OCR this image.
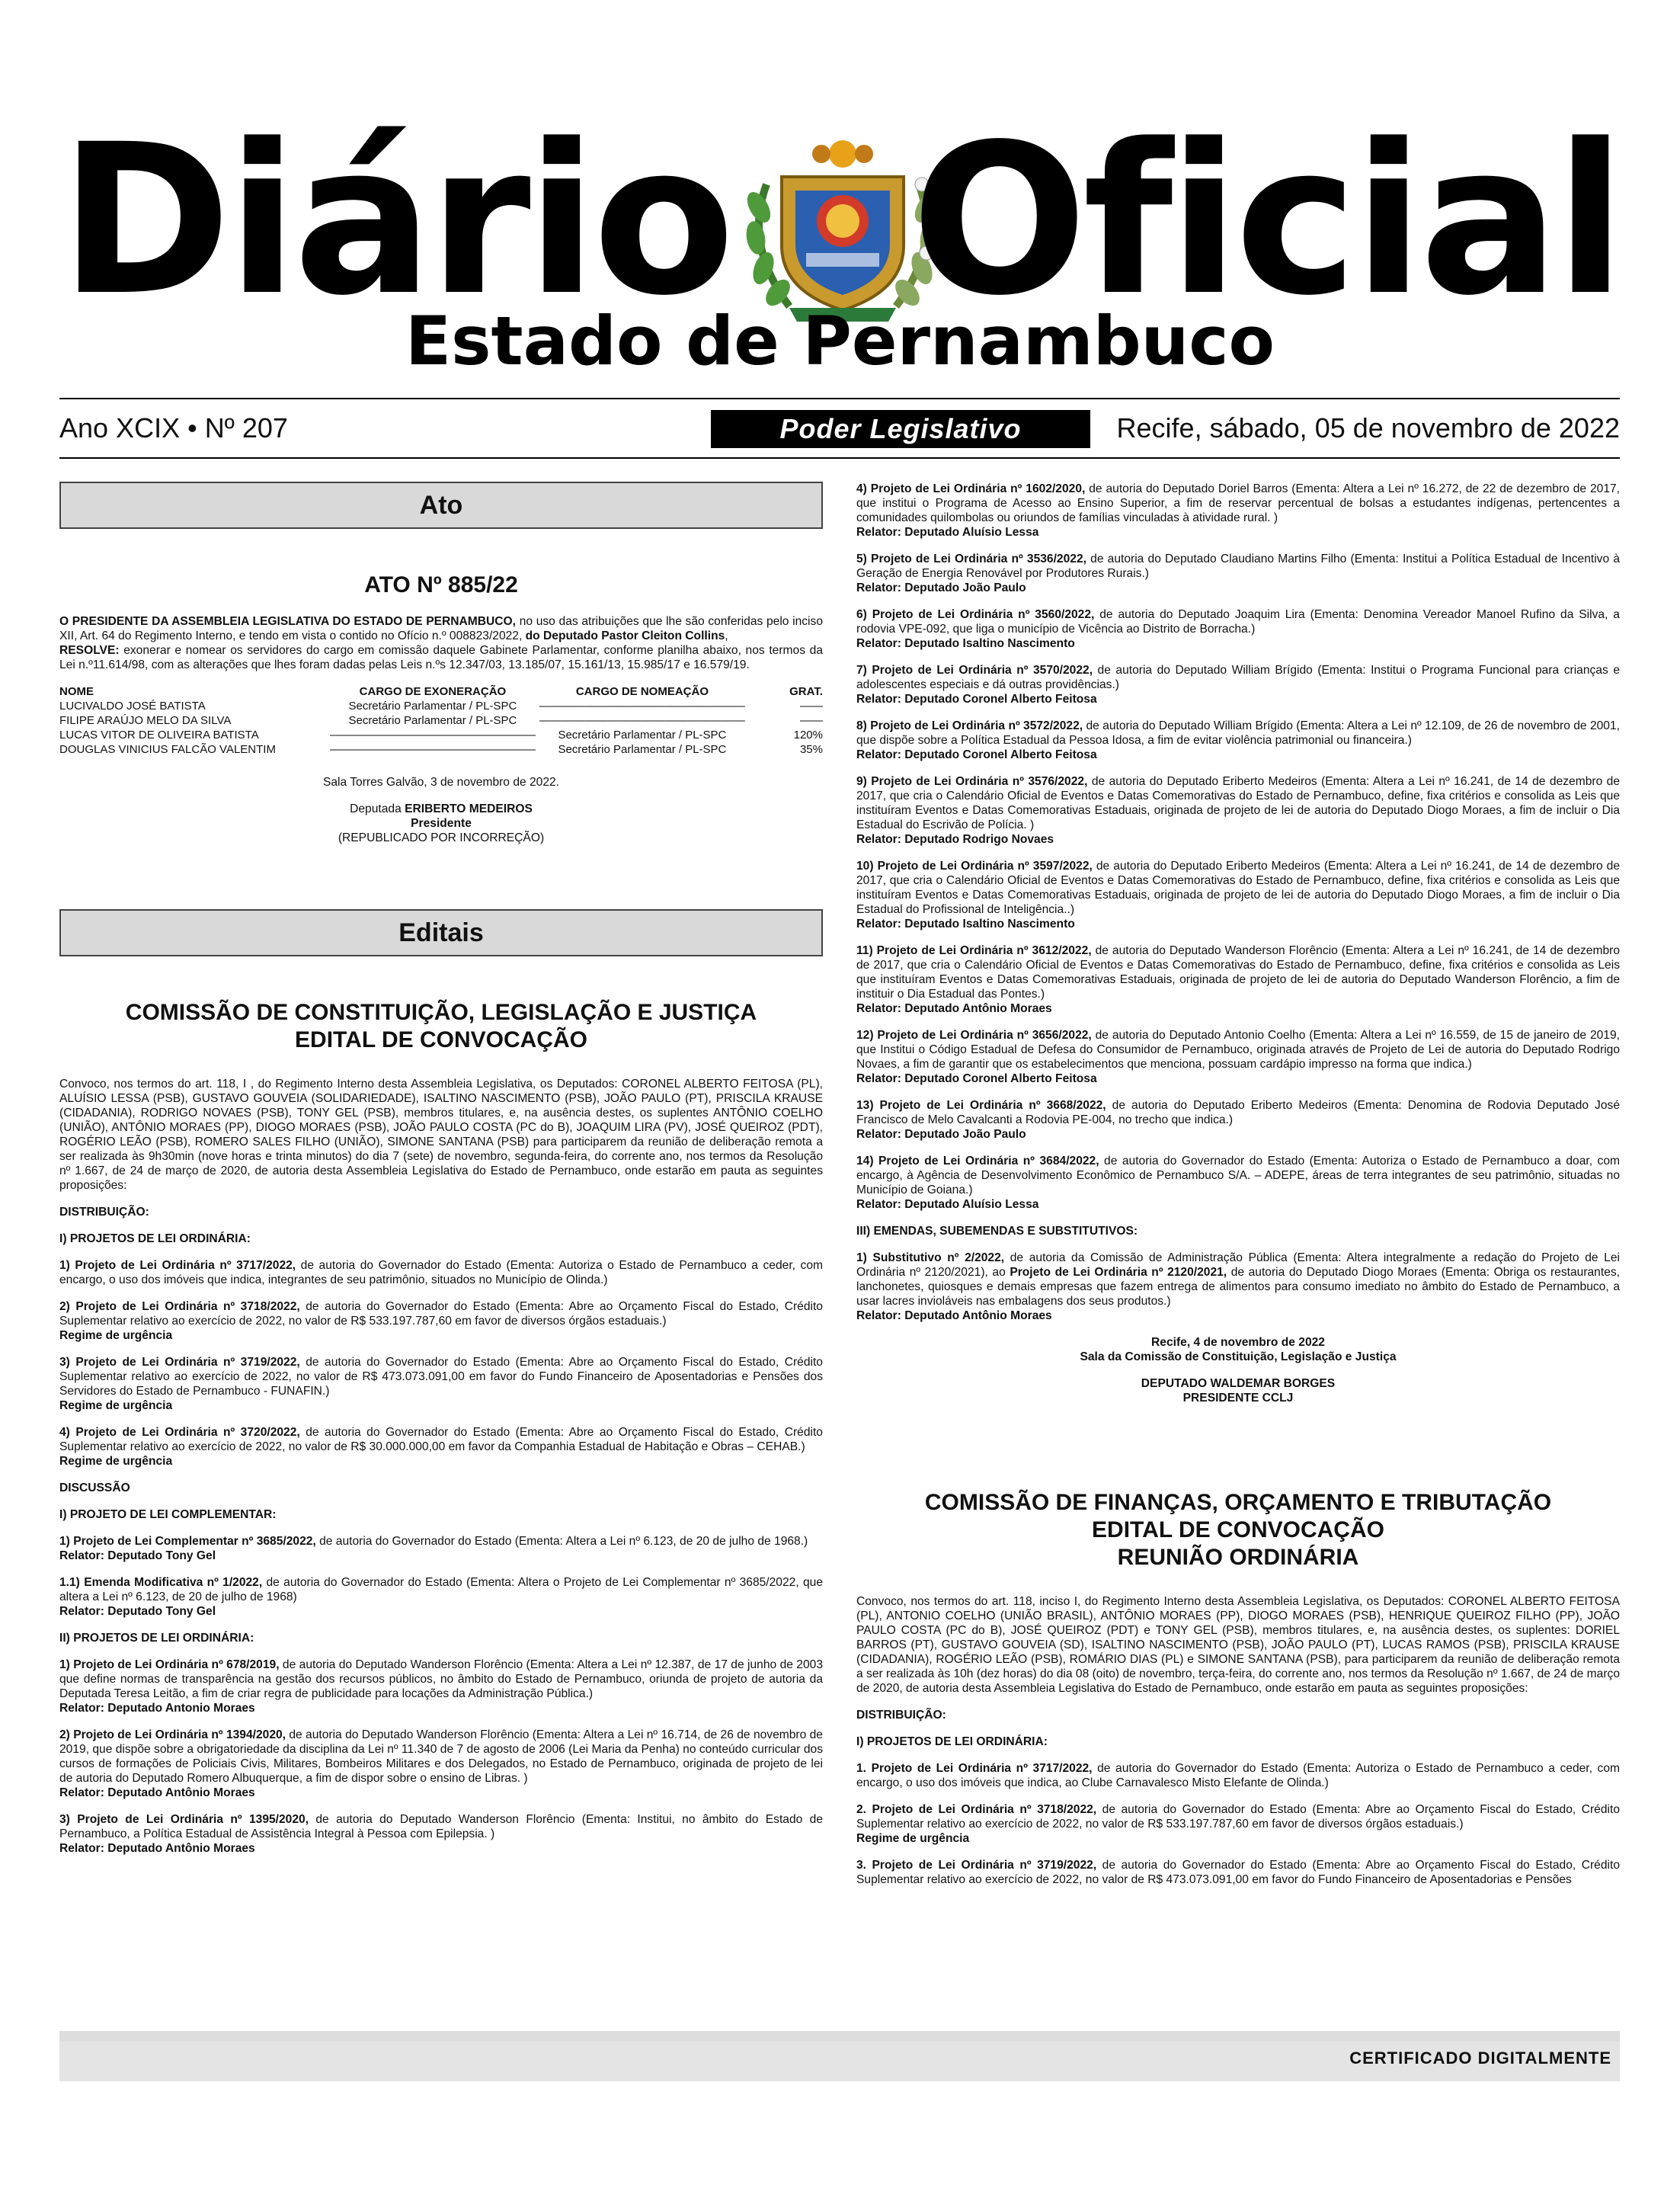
Diário Oficial
Estado de Pernambuco
Ano XCIX • Nº 207	Poder Legislativo	Recife, sábado, 05 de novembro de 2022
Ato
ATO Nº 885/22

O PRESIDENTE DA ASSEMBLEIA LEGISLATIVA DO ESTADO DE PERNAMBUCO, no uso das atribuições que lhe são conferidas pelo inciso XII, Art. 64 do Regimento Interno, e tendo em vista o contido no Ofício n.º 008823/2022, do Deputado Pastor Cleiton Collins,

RESOLVE: exonerar e nomear os servidores do cargo em comissão daquele Gabinete Parlamentar, conforme planilha abaixo, nos termos da Lei n.º11.614/98, com as alterações que lhes foram dadas pelas Leis n.ºs 12.347/03, 13.185/07, 15.161/13, 15.985/17 e 16.579/19.

NOME	CARGO DE EXONERAÇÃO	CARGO DE NOMEAÇÃO	GRAT.
LUCIVALDO JOSÉ BATISTA	Secretário Parlamentar / PL-SPC	——————————————————	——
FILIPE ARAÚJO MELO DA SILVA	Secretário Parlamentar / PL-SPC	——————————————————	——
LUCAS VITOR DE OLIVEIRA BATISTA	——————————————————	Secretário Parlamentar / PL-SPC	120%
DOUGLAS VINICIUS FALCÃO VALENTIM	——————————————————	Secretário Parlamentar / PL-SPC	35%

Sala Torres Galvão, 3 de novembro de 2022.

Deputada ERIBERTO MEDEIROS

Presidente

(REPUBLICADO POR INCORREÇÃO)

Editais
COMISSÃO DE CONSTITUIÇÃO, LEGISLAÇÃO E JUSTIÇA
EDITAL DE CONVOCAÇÃO

Convoco, nos termos do art. 118, I , do Regimento Interno desta Assembleia Legislativa, os Deputados: CORONEL ALBERTO FEITOSA (PL), ALUÍSIO LESSA (PSB), GUSTAVO GOUVEIA (SOLIDARIEDADE), ISALTINO NASCIMENTO (PSB), JOÃO PAULO (PT), PRISCILA KRAUSE (CIDADANIA), RODRIGO NOVAES (PSB), TONY GEL (PSB), membros titulares, e, na ausência destes, os suplentes ANTÔNIO COELHO (UNIÃO), ANTÔNIO MORAES (PP), DIOGO MORAES (PSB), JOÃO PAULO COSTA (PC do B), JOAQUIM LIRA (PV), JOSÉ QUEIROZ (PDT), ROGÉRIO LEÃO (PSB), ROMERO SALES FILHO (UNIÃO), SIMONE SANTANA (PSB) para participarem da reunião de deliberação remota a ser realizada às 9h30min (nove horas e trinta minutos) do dia 7 (sete) de novembro, segunda-feira, do corrente ano, nos termos da Resolução nº 1.667, de 24 de março de 2020, de autoria desta Assembleia Legislativa do Estado de Pernambuco, onde estarão em pauta as seguintes proposições:

DISTRIBUIÇÃO:

I) PROJETOS DE LEI ORDINÁRIA:

1) Projeto de Lei Ordinária nº 3717/2022, de autoria do Governador do Estado (Ementa: Autoriza o Estado de Pernambuco a ceder, com encargo, o uso dos imóveis que indica, integrantes de seu patrimônio, situados no Município de Olinda.)

2) Projeto de Lei Ordinária nº 3718/2022, de autoria do Governador do Estado (Ementa: Abre ao Orçamento Fiscal do Estado, Crédito Suplementar relativo ao exercício de 2022, no valor de R$ 533.197.787,60 em favor de diversos órgãos estaduais.)
Regime de urgência

3) Projeto de Lei Ordinária nº 3719/2022, de autoria do Governador do Estado (Ementa: Abre ao Orçamento Fiscal do Estado, Crédito Suplementar relativo ao exercício de 2022, no valor de R$ 473.073.091,00 em favor do Fundo Financeiro de Aposentadorias e Pensões dos Servidores do Estado de Pernambuco - FUNAFIN.)
Regime de urgência

4) Projeto de Lei Ordinária nº 3720/2022, de autoria do Governador do Estado (Ementa: Abre ao Orçamento Fiscal do Estado, Crédito Suplementar relativo ao exercício de 2022, no valor de R$ 30.000.000,00 em favor da Companhia Estadual de Habitação e Obras – CEHAB.)
Regime de urgência

DISCUSSÃO

I) PROJETO DE LEI COMPLEMENTAR:

1) Projeto de Lei Complementar nº 3685/2022, de autoria do Governador do Estado (Ementa: Altera a Lei nº 6.123, de 20 de julho de 1968.)
Relator: Deputado Tony Gel

1.1) Emenda Modificativa nº 1/2022, de autoria do Governador do Estado (Ementa: Altera o Projeto de Lei Complementar nº 3685/2022, que altera a Lei nº 6.123, de 20 de julho de 1968)
Relator: Deputado Tony Gel

II) PROJETOS DE LEI ORDINÁRIA:

1) Projeto de Lei Ordinária nº 678/2019, de autoria do Deputado Wanderson Florêncio (Ementa: Altera a Lei nº 12.387, de 17 de junho de 2003 que define normas de transparência na gestão dos recursos públicos, no âmbito do Estado de Pernambuco, oriunda de projeto de autoria da Deputada Teresa Leitão, a fim de criar regra de publicidade para locações da Administração Pública.)
Relator: Deputado Antonio Moraes

2) Projeto de Lei Ordinária nº 1394/2020, de autoria do Deputado Wanderson Florêncio (Ementa: Altera a Lei nº 16.714, de 26 de novembro de 2019, que dispõe sobre a obrigatoriedade da disciplina da Lei nº 11.340 de 7 de agosto de 2006 (Lei Maria da Penha) no conteúdo curricular dos cursos de formações de Policiais Civis, Militares, Bombeiros Militares e dos Delegados, no Estado de Pernambuco, originada de projeto de lei de autoria do Deputado Romero Albuquerque, a fim de dispor sobre o ensino de Libras. )
Relator: Deputado Antônio Moraes

3) Projeto de Lei Ordinária nº 1395/2020, de autoria do Deputado Wanderson Florêncio (Ementa: Institui, no âmbito do Estado de Pernambuco, a Política Estadual de Assistência Integral à Pessoa com Epilepsia. )
Relator: Deputado Antônio Moraes

4) Projeto de Lei Ordinária nº 1602/2020, de autoria do Deputado Doriel Barros (Ementa: Altera a Lei nº 16.272, de 22 de dezembro de 2017, que institui o Programa de Acesso ao Ensino Superior, a fim de reservar percentual de bolsas a estudantes indígenas, pertencentes a comunidades quilombolas ou oriundos de famílias vinculadas à atividade rural. )
Relator: Deputado Aluísio Lessa

5) Projeto de Lei Ordinária nº 3536/2022, de autoria do Deputado Claudiano Martins Filho (Ementa: Institui a Política Estadual de Incentivo à Geração de Energia Renovável por Produtores Rurais.)
Relator: Deputado João Paulo

6) Projeto de Lei Ordinária nº 3560/2022, de autoria do Deputado Joaquim Lira (Ementa: Denomina Vereador Manoel Rufino da Silva, a rodovia VPE-092, que liga o município de Vicência ao Distrito de Borracha.)
Relator: Deputado Isaltino Nascimento

7) Projeto de Lei Ordinária nº 3570/2022, de autoria do Deputado William Brígido (Ementa: Institui o Programa Funcional para crianças e adolescentes especiais e dá outras providências.)
Relator: Deputado Coronel Alberto Feitosa

8) Projeto de Lei Ordinária nº 3572/2022, de autoria do Deputado William Brígido (Ementa: Altera a Lei nº 12.109, de 26 de novembro de 2001, que dispõe sobre a Política Estadual da Pessoa Idosa, a fim de evitar violência patrimonial ou financeira.)
Relator: Deputado Coronel Alberto Feitosa

9) Projeto de Lei Ordinária nº 3576/2022, de autoria do Deputado Eriberto Medeiros (Ementa: Altera a Lei nº 16.241, de 14 de dezembro de 2017, que cria o Calendário Oficial de Eventos e Datas Comemorativas do Estado de Pernambuco, define, fixa critérios e consolida as Leis que instituíram Eventos e Datas Comemorativas Estaduais, originada de projeto de lei de autoria do Deputado Diogo Moraes, a fim de incluir o Dia Estadual do Escrivão de Polícia. )
Relator: Deputado Rodrigo Novaes

10) Projeto de Lei Ordinária nº 3597/2022, de autoria do Deputado Eriberto Medeiros (Ementa: Altera a Lei nº 16.241, de 14 de dezembro de 2017, que cria o Calendário Oficial de Eventos e Datas Comemorativas do Estado de Pernambuco, define, fixa critérios e consolida as Leis que instituíram Eventos e Datas Comemorativas Estaduais, originada de projeto de lei de autoria do Deputado Diogo Moraes, a fim de incluir o Dia Estadual do Profissional de Inteligência..)
Relator: Deputado Isaltino Nascimento

11) Projeto de Lei Ordinária nº 3612/2022, de autoria do Deputado Wanderson Florêncio (Ementa: Altera a Lei nº 16.241, de 14 de dezembro de 2017, que cria o Calendário Oficial de Eventos e Datas Comemorativas do Estado de Pernambuco, define, fixa critérios e consolida as Leis que instituíram Eventos e Datas Comemorativas Estaduais, originada de projeto de lei de autoria do Deputado Wanderson Florêncio, a fim de instituir o Dia Estadual das Pontes.)
Relator: Deputado Antônio Moraes

12) Projeto de Lei Ordinária nº 3656/2022, de autoria do Deputado Antonio Coelho (Ementa: Altera a Lei nº 16.559, de 15 de janeiro de 2019, que Institui o Código Estadual de Defesa do Consumidor de Pernambuco, originada através de Projeto de Lei de autoria do Deputado Rodrigo Novaes, a fim de garantir que os estabelecimentos que menciona, possuam cardápio impresso na forma que indica.)
Relator: Deputado Coronel Alberto Feitosa

13) Projeto de Lei Ordinária nº 3668/2022, de autoria do Deputado Eriberto Medeiros (Ementa: Denomina de Rodovia Deputado José Francisco de Melo Cavalcanti a Rodovia PE-004, no trecho que indica.)
Relator: Deputado João Paulo

14) Projeto de Lei Ordinária nº 3684/2022, de autoria do Governador do Estado (Ementa: Autoriza o Estado de Pernambuco a doar, com encargo, à Agência de Desenvolvimento Econômico de Pernambuco S/A. – ADEPE, áreas de terra integrantes de seu patrimônio, situadas no Município de Goiana.)
Relator: Deputado Aluísio Lessa

III) EMENDAS, SUBEMENDAS E SUBSTITUTIVOS:

1) Substitutivo nº 2/2022, de autoria da Comissão de Administração Pública (Ementa: Altera integralmente a redação do Projeto de Lei Ordinária nº 2120/2021), ao Projeto de Lei Ordinária nº 2120/2021, de autoria do Deputado Diogo Moraes (Ementa: Obriga os restaurantes, lanchonetes, quiosques e demais empresas que fazem entrega de alimentos para consumo imediato no âmbito do Estado de Pernambuco, a usar lacres invioláveis nas embalagens dos seus produtos.)
Relator: Deputado Antônio Moraes

Recife, 4 de novembro de 2022

Sala da Comissão de Constituição, Legislação e Justiça

DEPUTADO WALDEMAR BORGES

PRESIDENTE CCLJ

COMISSÃO DE FINANÇAS, ORÇAMENTO E TRIBUTAÇÃO
EDITAL DE CONVOCAÇÃO
REUNIÃO ORDINÁRIA

Convoco, nos termos do art. 118, inciso I, do Regimento Interno desta Assembleia Legislativa, os Deputados: CORONEL ALBERTO FEITOSA (PL), ANTONIO COELHO (UNIÃO BRASIL), ANTÔNIO MORAES (PP), DIOGO MORAES (PSB), HENRIQUE QUEIROZ FILHO (PP), JOÃO PAULO COSTA (PC do B), JOSÉ QUEIROZ (PDT) e TONY GEL (PSB), membros titulares, e, na ausência destes, os suplentes: DORIEL BARROS (PT), GUSTAVO GOUVEIA (SD), ISALTINO NASCIMENTO (PSB), JOÃO PAULO (PT), LUCAS RAMOS (PSB), PRISCILA KRAUSE (CIDADANIA), ROGÉRIO LEÃO (PSB), ROMÁRIO DIAS (PL) e SIMONE SANTANA (PSB), para participarem da reunião de deliberação remota a ser realizada às 10h (dez horas) do dia 08 (oito) de novembro, terça-feira, do corrente ano, nos termos da Resolução nº 1.667, de 24 de março de 2020, de autoria desta Assembleia Legislativa do Estado de Pernambuco, onde estarão em pauta as seguintes proposições:

DISTRIBUIÇÃO:

I) PROJETOS DE LEI ORDINÁRIA:

1. Projeto de Lei Ordinária nº 3717/2022, de autoria do Governador do Estado (Ementa: Autoriza o Estado de Pernambuco a ceder, com encargo, o uso dos imóveis que indica, ao Clube Carnavalesco Misto Elefante de Olinda.)

2. Projeto de Lei Ordinária nº 3718/2022, de autoria do Governador do Estado (Ementa: Abre ao Orçamento Fiscal do Estado, Crédito Suplementar relativo ao exercício de 2022, no valor de R$ 533.197.787,60 em favor de diversos órgãos estaduais.)
Regime de urgência

3. Projeto de Lei Ordinária nº 3719/2022, de autoria do Governador do Estado (Ementa: Abre ao Orçamento Fiscal do Estado, Crédito Suplementar relativo ao exercício de 2022, no valor de R$ 473.073.091,00 em favor do Fundo Financeiro de Aposentadorias e Pensões

CERTIFICADO DIGITALMENTE
